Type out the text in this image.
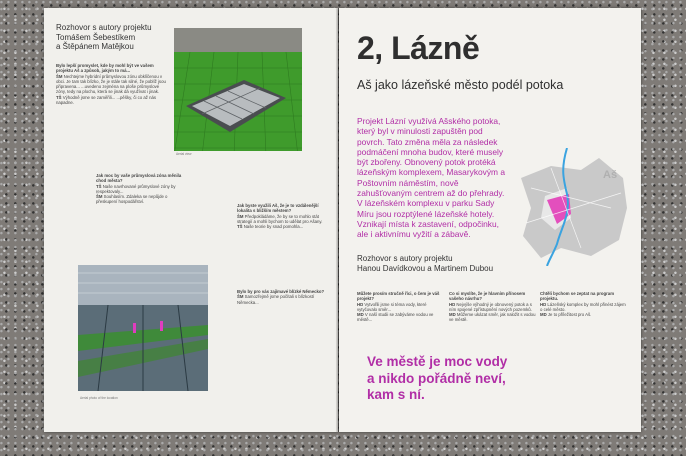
Rozhovor s autory projektu
Tomášem Šebestíkem
a Štěpánem Matějkou
Bylo lepší promyslet, kde by mohl být ve vašem projektu Aš a způsob, jakým to má...
ŠM Nechtejme hybridní průmyslovou zónu obklíčenou v obci. Je tam tak blízko, že je stále tak silné, že poblíž jsou připravena... ...uvedeno zejména na ploše průmyslové zóny, tedy na plochu, která se jinak dá využívat i jinak.
TŠ Výhodně jsme se zaměřili... ...pěšky, či co až nás napadne.
Jak moc by vaše průmyslová zóna měnila chod města?
TŠ Naše navrhované průmyslové zóny by respektovaly...
ŠM Souhlasím. Zdaleka se nepůjde o přeskupení hospodářství.
Jak byste využili Aš, že je to vzdálenější lokalita s bližším městem?
ŠM Předpokládáme, že by se to mohlo stát strategií a mohli bychom to udělat pro Ašany.
TŠ Naše teorie by snad pomohla...
Bylo by pro vás zajímavé blízké Německo?
ŠM Samozřejmě jsme počítali s blízkostí Německa...
Aerial view
Aerial photo of the location
2, Lázně
Aš jako lázeňské město podél potoka
Projekt Lázní využívá Ašského potoka, který byl v minulosti zapuštěn pod povrch. Tato změna měla za následek podmáčení mnoha budov, které musely být zbořeny. Obnovený potok protéká lázeňským komplexem, Masarykovým a Poštovním náměstím, nově zahušťovaným centrem až do přehrady. V lázeňském komplexu v parku Sady Míru jsou rozptýlené lázeňské hotely. Vznikají místa k zastavení, odpočinku, ale i aktivnímu vyžití a zábavě.
Aš
Rozhovor s autory projektu
Hanou Davídkovou a Martinem Dubou
Můžete prosím stručně říci, o čem je váš projekt?
HD Vytvořili jsme si téma vody, které vytyčovalo směr...
MD V naší studii se zabýváme vodou ve městě...
Co si myslíte, že je hlavním přínosem vašeho návrhu?
HD Nejvýše výhodný je obnovený potok a s ním spojené zpřístupnění nových pozemků.
MD Můžeme ukázat směr, jak naložit s vodou ve městě.
Chtěli bychom se zeptat na program projektu.
HD Lázeňský komplex by mohl přinést zájem o celé město.
MD Je to příležitost pro Aš.
Ve městě je moc vody
a nikdo pořádně neví,
kam s ní.
